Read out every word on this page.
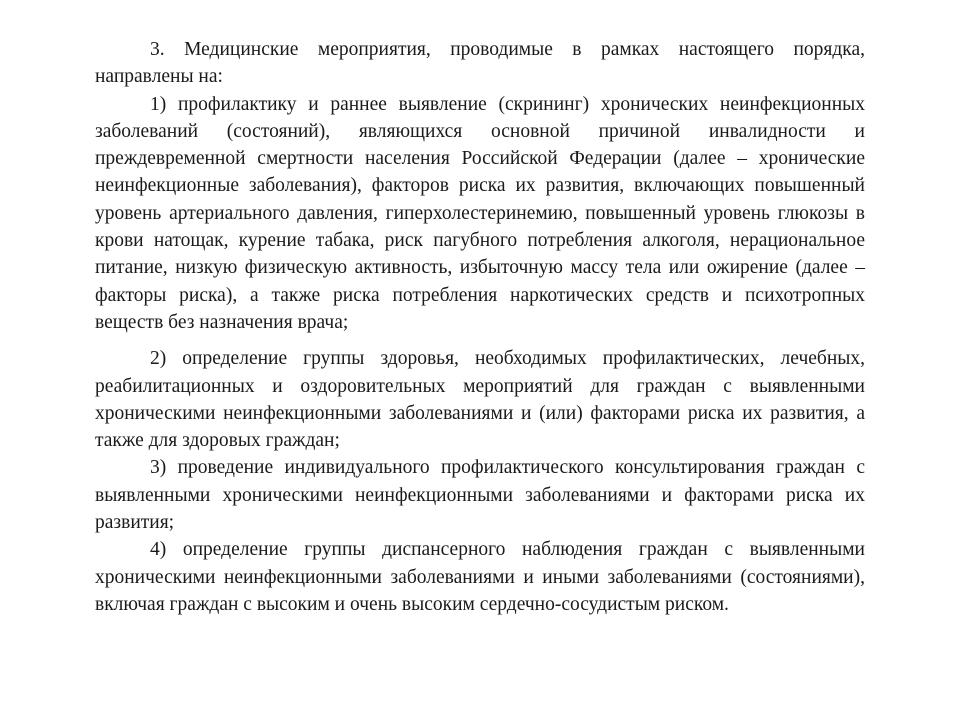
3. Медицинские мероприятия, проводимые в рамках настоящего порядка, направлены на:

1) профилактику и раннее выявление (скрининг) хронических неинфекционных заболеваний (состояний), являющихся основной причиной инвалидности и преждевременной смертности населения Российской Федерации (далее – хронические неинфекционные заболевания), факторов риска их развития, включающих повышенный уровень артериального давления, гиперхолестеринемию, повышенный уровень глюкозы в крови натощак, курение табака, риск пагубного потребления алкоголя, нерациональное питание, низкую физическую активность, избыточную массу тела или ожирение (далее – факторы риска), а также риска потребления наркотических средств и психотропных веществ без назначения врача;

2) определение группы здоровья, необходимых профилактических, лечебных, реабилитационных и оздоровительных мероприятий для граждан с выявленными хроническими неинфекционными заболеваниями и (или) факторами риска их развития, а также для здоровых граждан;

3) проведение индивидуального профилактического консультирования граждан с выявленными хроническими неинфекционными заболеваниями и факторами риска их развития;

4) определение группы диспансерного наблюдения граждан с выявленными хроническими неинфекционными заболеваниями и иными заболеваниями (состояниями), включая граждан с высоким и очень высоким сердечно-сосудистым риском.
